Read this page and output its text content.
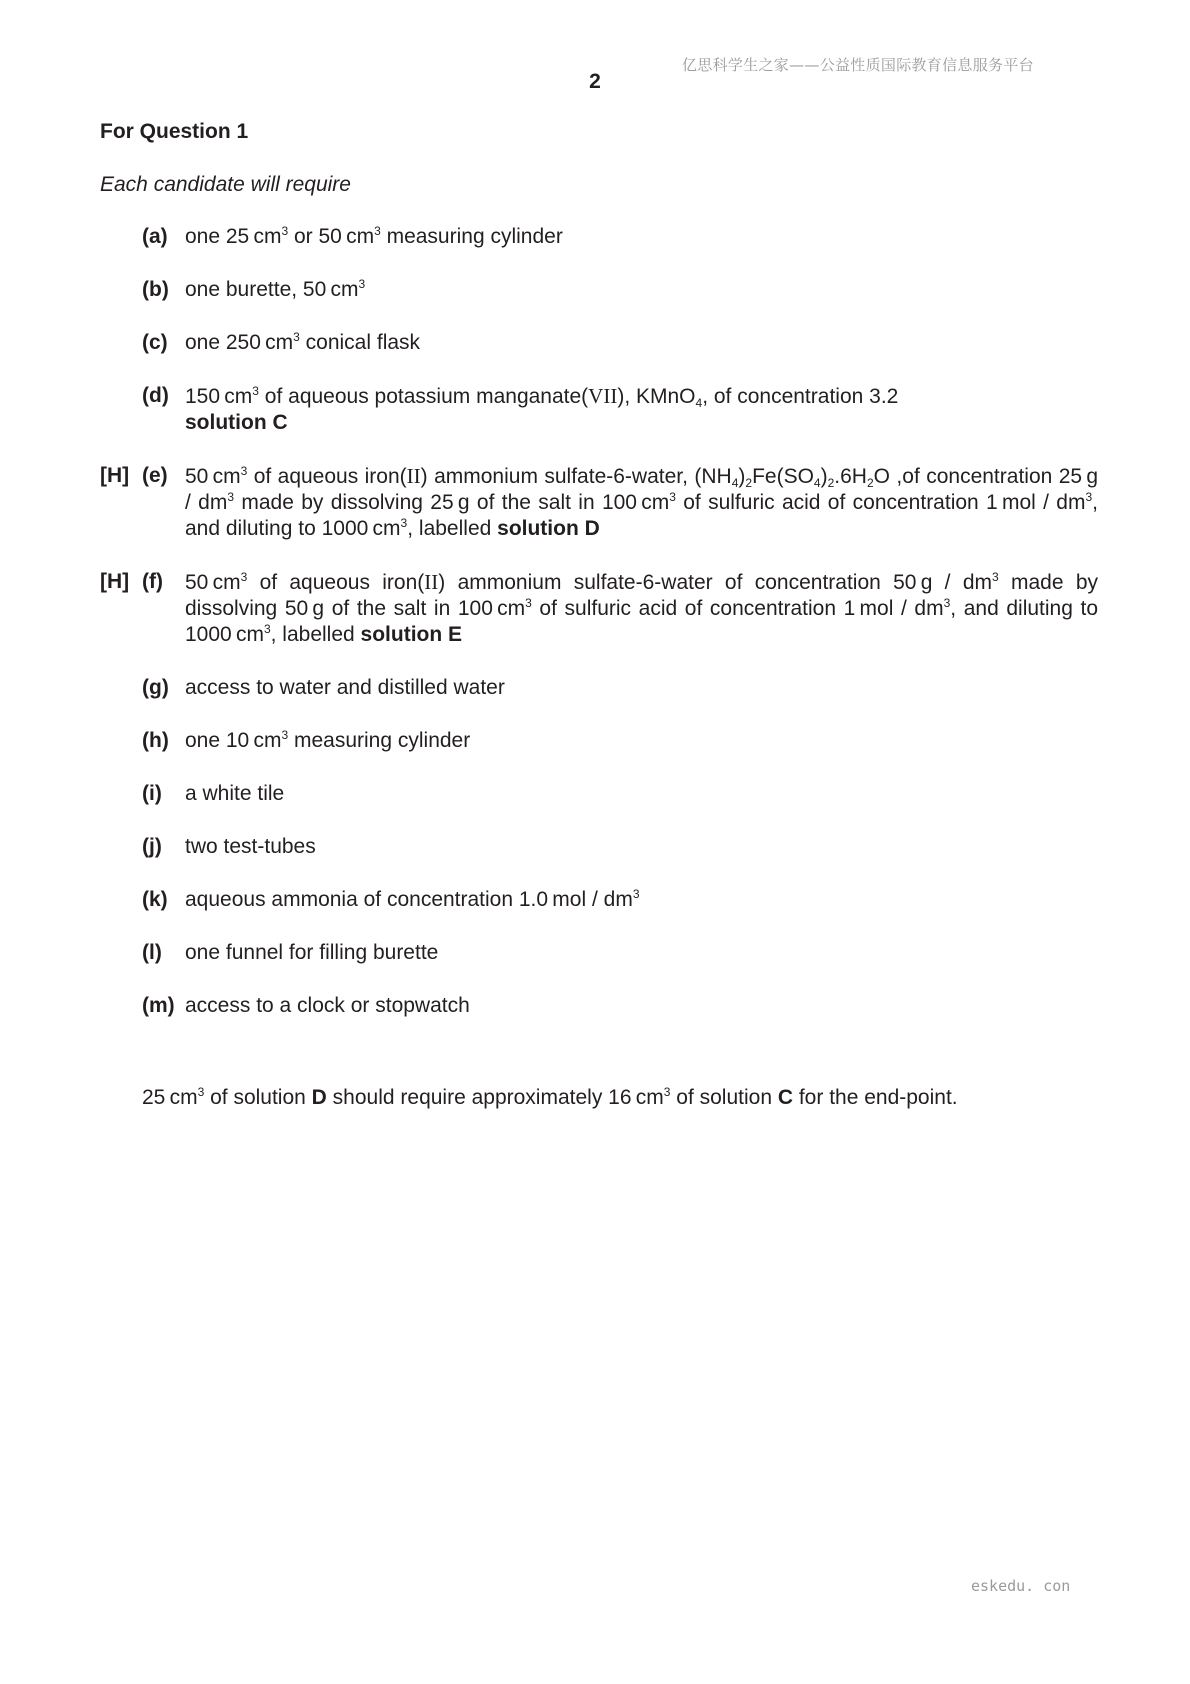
亿思科学生之家——公益性质国际教育信息服务平台
2
For Question 1
Each candidate will require
(a) one 25  $cm^3$ or 50  $cm^3$ measuring cylinder
(b) one burette, 50  $cm^3$
(c) one 250  $cm^3$ conical flask
(d) 150  $cm^3$ of aqueous potassium manganate(VII), KMnO$_4$, of concentration 3.2
solution C
[H] (e) 50  $cm^3$ of aqueous iron(II) ammonium sulfate-6-water, $(NH_4)_2Fe(SO_4)_2.6H_2O$ ,of concentration 25  g / $dm^3$ made by dissolving 25  g of the salt in 100  $cm^3$ of sulfuric acid of concentration 1  mol / $dm^3$, and diluting to 1000  $cm^3$, labelled solution D
[H] (f) 50  $cm^3$ of aqueous iron(II) ammonium sulfate-6-water of concentration 50  g / $dm^3$ made by dissolving 50  g of the salt in 100  $cm^3$ of sulfuric acid of concentration 1  mol / $dm^3$, and diluting to 1000  $cm^3$, labelled solution E
(g) access to water and distilled water
(h) one 10  $cm^3$ measuring cylinder
(i) a white tile
(j) two test-tubes
(k) aqueous ammonia of concentration 1.0  mol / $dm^3$
(l) one funnel for filling burette
(m) access to a clock or stopwatch
25  $cm^3$ of solution D should require approximately 16  $cm^3$ of solution C for the end-point.
eskedu. con
